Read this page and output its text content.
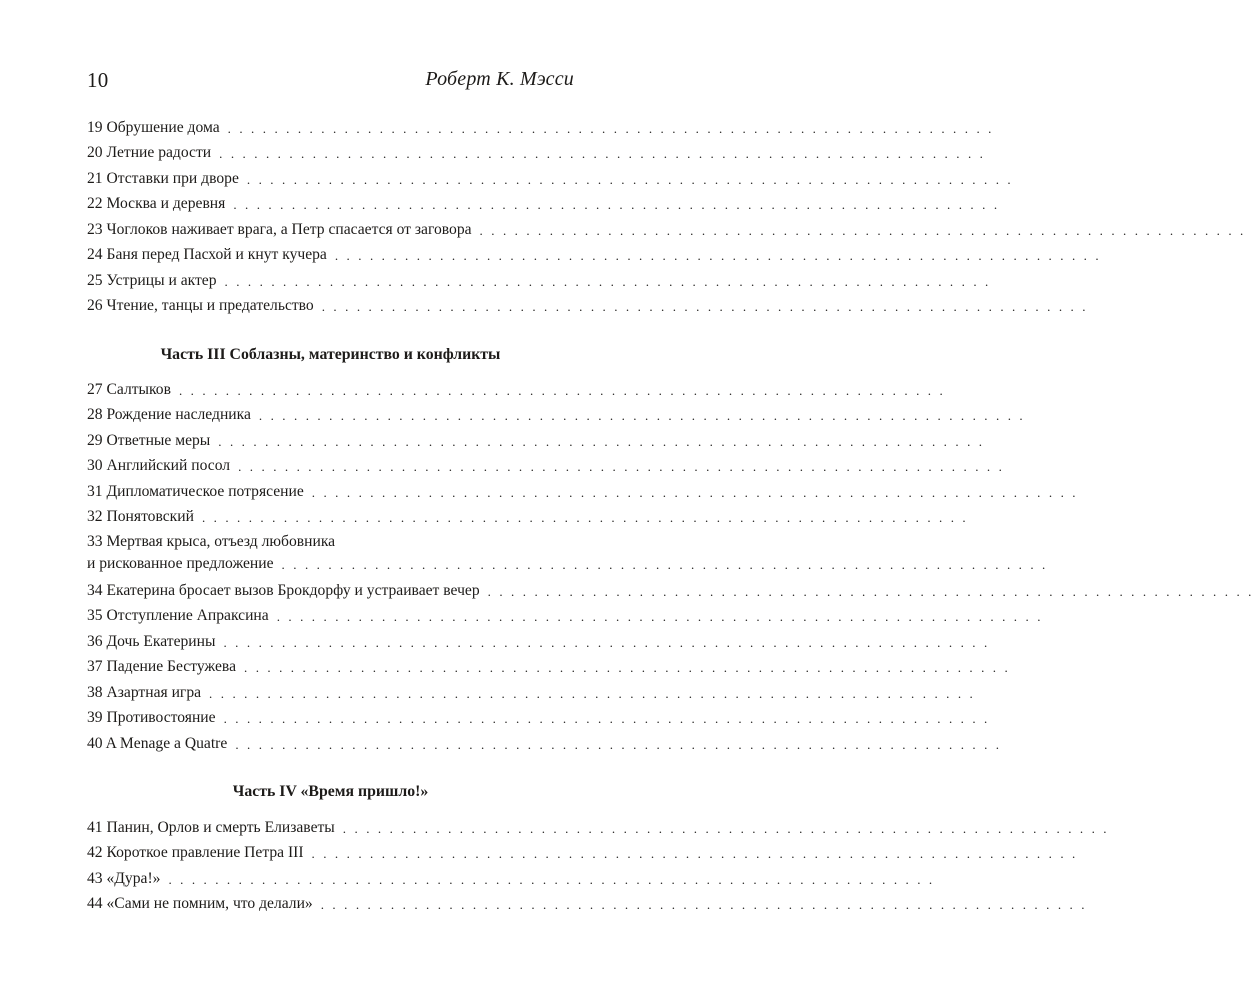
10	Роберт К. Мэсси
19 Обрушение дома . . . . . . . . . . . . . . . . . . . . . . . . . . . . . . . . . . . . . . . . . . . . . . . . . . . . . . . . . . . . . . . . . .
20 Летние радости . . . . . . . . . . . . . . . . . . . . . . . . . . . . . . . . . . . . . . . . . . . . . . . . . . . . . . . . . . . . . . . . . .
21 Отставки при дворе . . . . . . . . . . . . . . . . . . . . . . . . . . . . . . . . . . . . . . . . . . . . . . . . . . . . . . . . . . . . . . . . . .
22 Москва и деревня . . . . . . . . . . . . . . . . . . . . . . . . . . . . . . . . . . . . . . . . . . . . . . . . . . . . . . . . . . . . . . . . . .
23 Чоглоков наживает врага, а Петр спасается от заговора . . . . . . . . . . . . . . . . . . . . . . . . . . . . . . . . . . . . . . . . . . . . . . . . . . . . . . . . . . . . . . . . . .
24 Баня перед Пасхой и кнут кучера . . . . . . . . . . . . . . . . . . . . . . . . . . . . . . . . . . . . . . . . . . . . . . . . . . . . . . . . . . . . . . . . . .
25 Устрицы и актер . . . . . . . . . . . . . . . . . . . . . . . . . . . . . . . . . . . . . . . . . . . . . . . . . . . . . . . . . . . . . . . . . .
26 Чтение, танцы и предательство . . . . . . . . . . . . . . . . . . . . . . . . . . . . . . . . . . . . . . . . . . . . . . . . . . . . . . . . . . . . . . . . . .
Часть III Соблазны, материнство и конфликты
27 Салтыков . . . . . . . . . . . . . . . . . . . . . . . . . . . . . . . . . . . . . . . . . . . . . . . . . . . . . . . . . . . . . . . . . .
28 Рождение наследника . . . . . . . . . . . . . . . . . . . . . . . . . . . . . . . . . . . . . . . . . . . . . . . . . . . . . . . . . . . . . . . . . .
29 Ответные меры . . . . . . . . . . . . . . . . . . . . . . . . . . . . . . . . . . . . . . . . . . . . . . . . . . . . . . . . . . . . . . . . . .
30 Английский посол . . . . . . . . . . . . . . . . . . . . . . . . . . . . . . . . . . . . . . . . . . . . . . . . . . . . . . . . . . . . . . . . . .
31 Дипломатическое потрясение . . . . . . . . . . . . . . . . . . . . . . . . . . . . . . . . . . . . . . . . . . . . . . . . . . . . . . . . . . . . . . . . . .
32 Понятовский . . . . . . . . . . . . . . . . . . . . . . . . . . . . . . . . . . . . . . . . . . . . . . . . . . . . . . . . . . . . . . . . . .
33 Мертвая крыса, отъезд любовника
и рискованное предложение . . . . . . . . . . . . . . . . . . . . . . . . . . . . . . . . . . . . . . . . . . . . . . . . . . . . . . . . . . . . . . . . . .
34 Екатерина бросает вызов Брокдорфу и устраивает вечер . . . . . . . . . . . . . . . . . . . . . . . . . . . . . . . . . . . . . . . . . . . . . . . . . . . . . . . . . . . . . . . . . .
35 Отступление Апраксина . . . . . . . . . . . . . . . . . . . . . . . . . . . . . . . . . . . . . . . . . . . . . . . . . . . . . . . . . . . . . . . . . .
36 Дочь Екатерины . . . . . . . . . . . . . . . . . . . . . . . . . . . . . . . . . . . . . . . . . . . . . . . . . . . . . . . . . . . . . . . . . .
37 Падение Бестужева . . . . . . . . . . . . . . . . . . . . . . . . . . . . . . . . . . . . . . . . . . . . . . . . . . . . . . . . . . . . . . . . . .
38 Азартная игра . . . . . . . . . . . . . . . . . . . . . . . . . . . . . . . . . . . . . . . . . . . . . . . . . . . . . . . . . . . . . . . . . .
39 Противостояние . . . . . . . . . . . . . . . . . . . . . . . . . . . . . . . . . . . . . . . . . . . . . . . . . . . . . . . . . . . . . . . . . .
40 A Menage a Quatre . . . . . . . . . . . . . . . . . . . . . . . . . . . . . . . . . . . . . . . . . . . . . . . . . . . . . . . . . . . . . . . . . .
Часть IV «Время пришло!»
41 Панин, Орлов и смерть Елизаветы . . . . . . . . . . . . . . . . . . . . . . . . . . . . . . . . . . . . . . . . . . . . . . . . . . . . . . . . . . . . . . . . . .
42 Короткое правление Петра III . . . . . . . . . . . . . . . . . . . . . . . . . . . . . . . . . . . . . . . . . . . . . . . . . . . . . . . . . . . . . . . . . .
43 «Дура!» . . . . . . . . . . . . . . . . . . . . . . . . . . . . . . . . . . . . . . . . . . . . . . . . . . . . . . . . . . . . . . . . . .
44 «Сами не помним, что делали» . . . . . . . . . . . . . . . . . . . . . . . . . . . . . . . . . . . . . . . . . . . . . . . . . . . . . . . . . . . . . . . . . .
